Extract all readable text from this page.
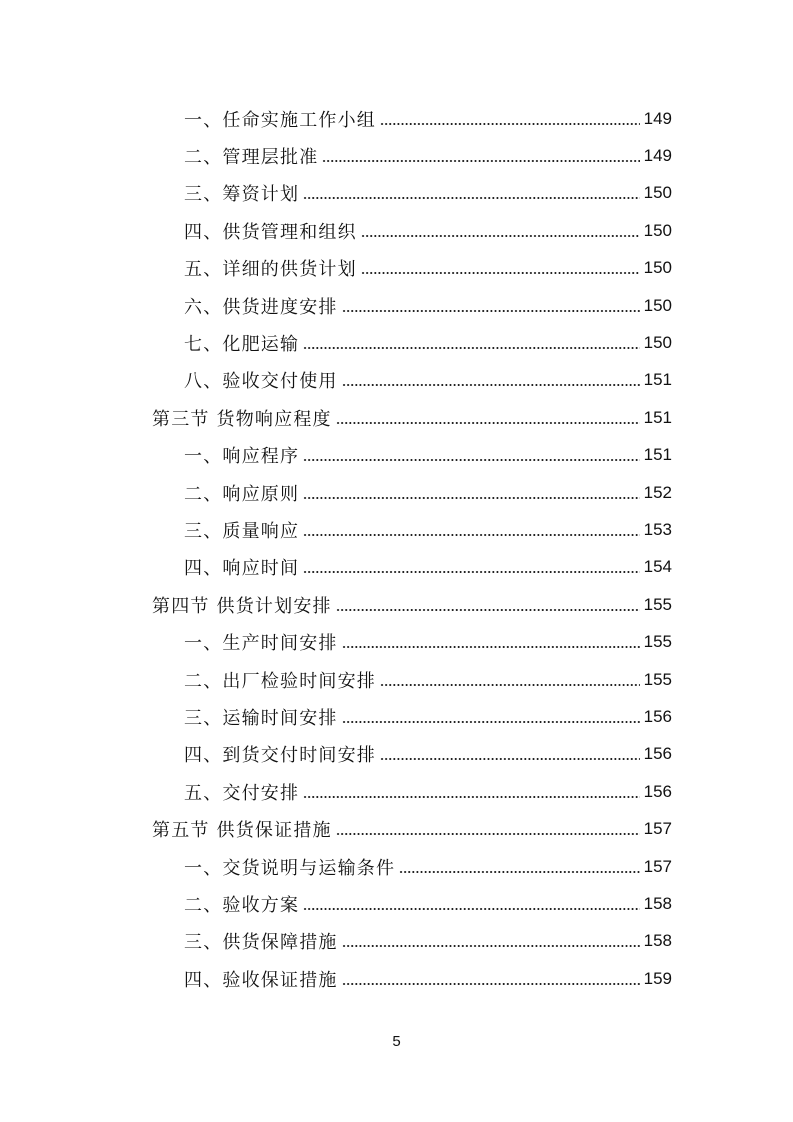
一、任命实施工作小组	149
二、管理层批准	149
三、筹资计划	150
四、供货管理和组织	150
五、详细的供货计划	150
六、供货进度安排	150
七、化肥运输	150
八、验收交付使用	151
第三节 货物响应程度	151
一、响应程序	151
二、响应原则	152
三、质量响应	153
四、响应时间	154
第四节 供货计划安排	155
一、生产时间安排	155
二、出厂检验时间安排	155
三、运输时间安排	156
四、到货交付时间安排	156
五、交付安排	156
第五节 供货保证措施	157
一、交货说明与运输条件	157
二、验收方案	158
三、供货保障措施	158
四、验收保证措施	159
5
